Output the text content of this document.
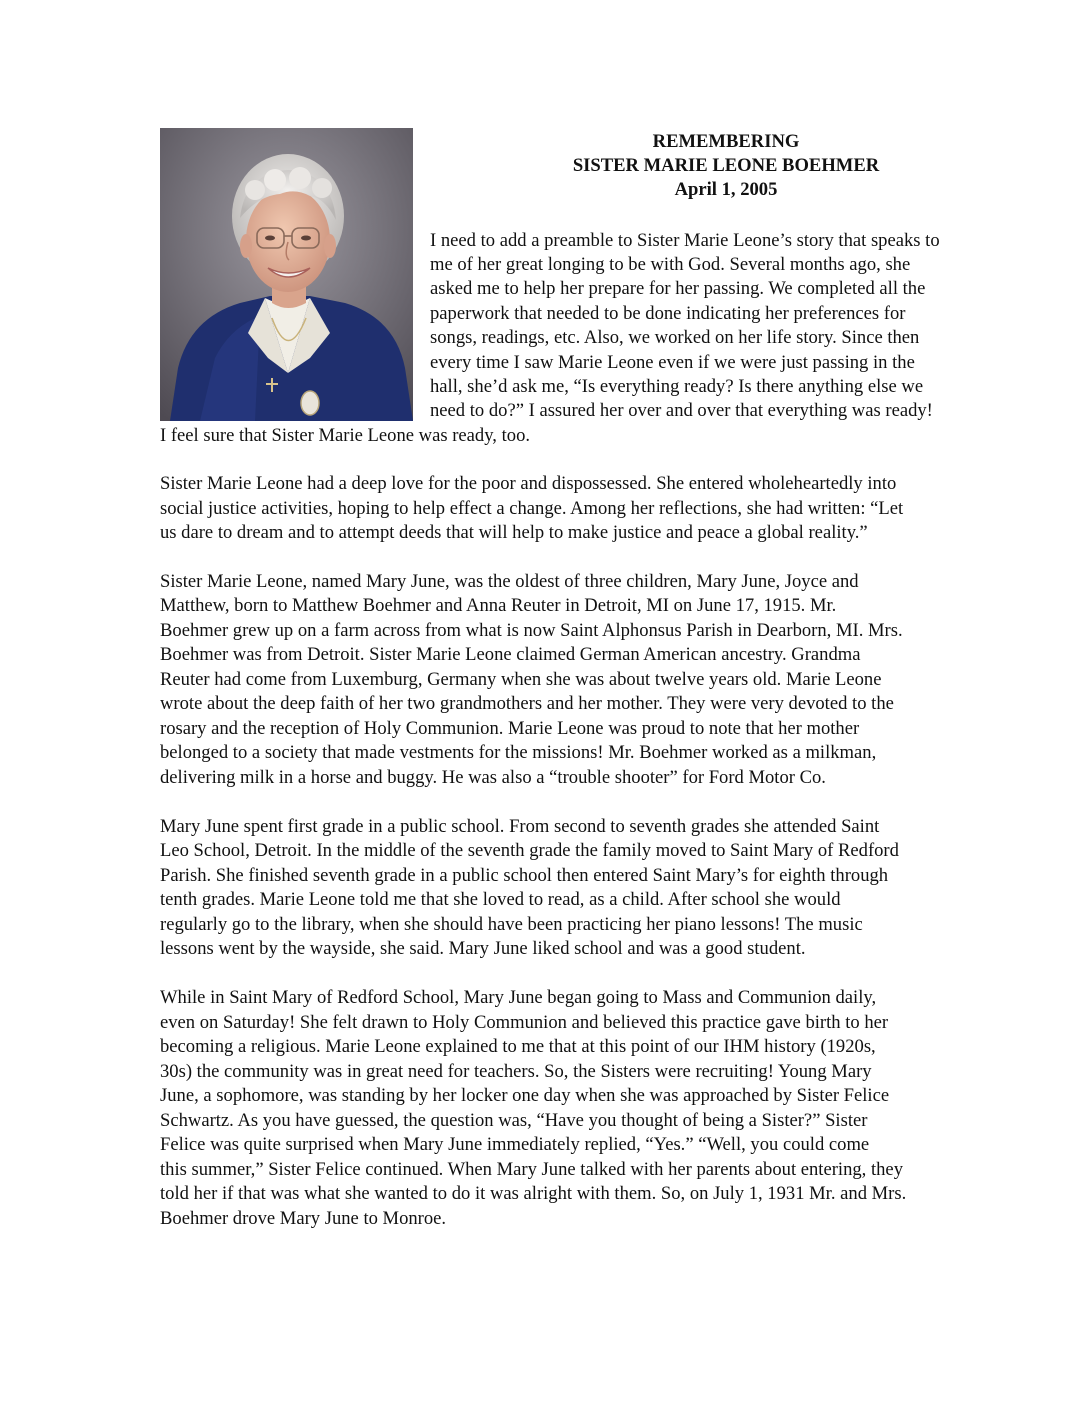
REMEMBERING
SISTER MARIE LEONE BOEHMER
April 1, 2005
I need to add a preamble to Sister Marie Leone’s story that speaks to
me of her great longing to be with God. Several months ago, she
asked me to help her prepare for her passing. We completed all the
paperwork that needed to be done indicating her preferences for
songs, readings, etc. Also, we worked on her life story. Since then
every time I saw Marie Leone even if we were just passing in the
hall, she’d ask me, “Is everything ready? Is there anything else we
need to do?” I assured her over and over that everything was ready!
I feel sure that Sister Marie Leone was ready, too.
Sister Marie Leone had a deep love for the poor and dispossessed. She entered wholeheartedly into
social justice activities, hoping to help effect a change. Among her reflections, she had written: “Let
us dare to dream and to attempt deeds that will help to make justice and peace a global reality.”
Sister Marie Leone, named Mary June, was the oldest of three children, Mary June, Joyce and
Matthew, born to Matthew Boehmer and Anna Reuter in Detroit, MI on June 17, 1915. Mr.
Boehmer grew up on a farm across from what is now Saint Alphonsus Parish in Dearborn, MI. Mrs.
Boehmer was from Detroit. Sister Marie Leone claimed German American ancestry. Grandma
Reuter had come from Luxemburg, Germany when she was about twelve years old. Marie Leone
wrote about the deep faith of her two grandmothers and her mother. They were very devoted to the
rosary and the reception of Holy Communion. Marie Leone was proud to note that her mother
belonged to a society that made vestments for the missions! Mr. Boehmer worked as a milkman,
delivering milk in a horse and buggy. He was also a “trouble shooter” for Ford Motor Co.
Mary June spent first grade in a public school. From second to seventh grades she attended Saint
Leo School, Detroit. In the middle of the seventh grade the family moved to Saint Mary of Redford
Parish. She finished seventh grade in a public school then entered Saint Mary’s for eighth through
tenth grades. Marie Leone told me that she loved to read, as a child. After school she would
regularly go to the library, when she should have been practicing her piano lessons! The music
lessons went by the wayside, she said. Mary June liked school and was a good student.
While in Saint Mary of Redford School, Mary June began going to Mass and Communion daily,
even on Saturday! She felt drawn to Holy Communion and believed this practice gave birth to her
becoming a religious. Marie Leone explained to me that at this point of our IHM history (1920s,
30s) the community was in great need for teachers. So, the Sisters were recruiting! Young Mary
June, a sophomore, was standing by her locker one day when she was approached by Sister Felice
Schwartz. As you have guessed, the question was, “Have you thought of being a Sister?” Sister
Felice was quite surprised when Mary June immediately replied, “Yes.” “Well, you could come
this summer,” Sister Felice continued. When Mary June talked with her parents about entering, they
told her if that was what she wanted to do it was alright with them. So, on July 1, 1931 Mr. and Mrs.
Boehmer drove Mary June to Monroe.
